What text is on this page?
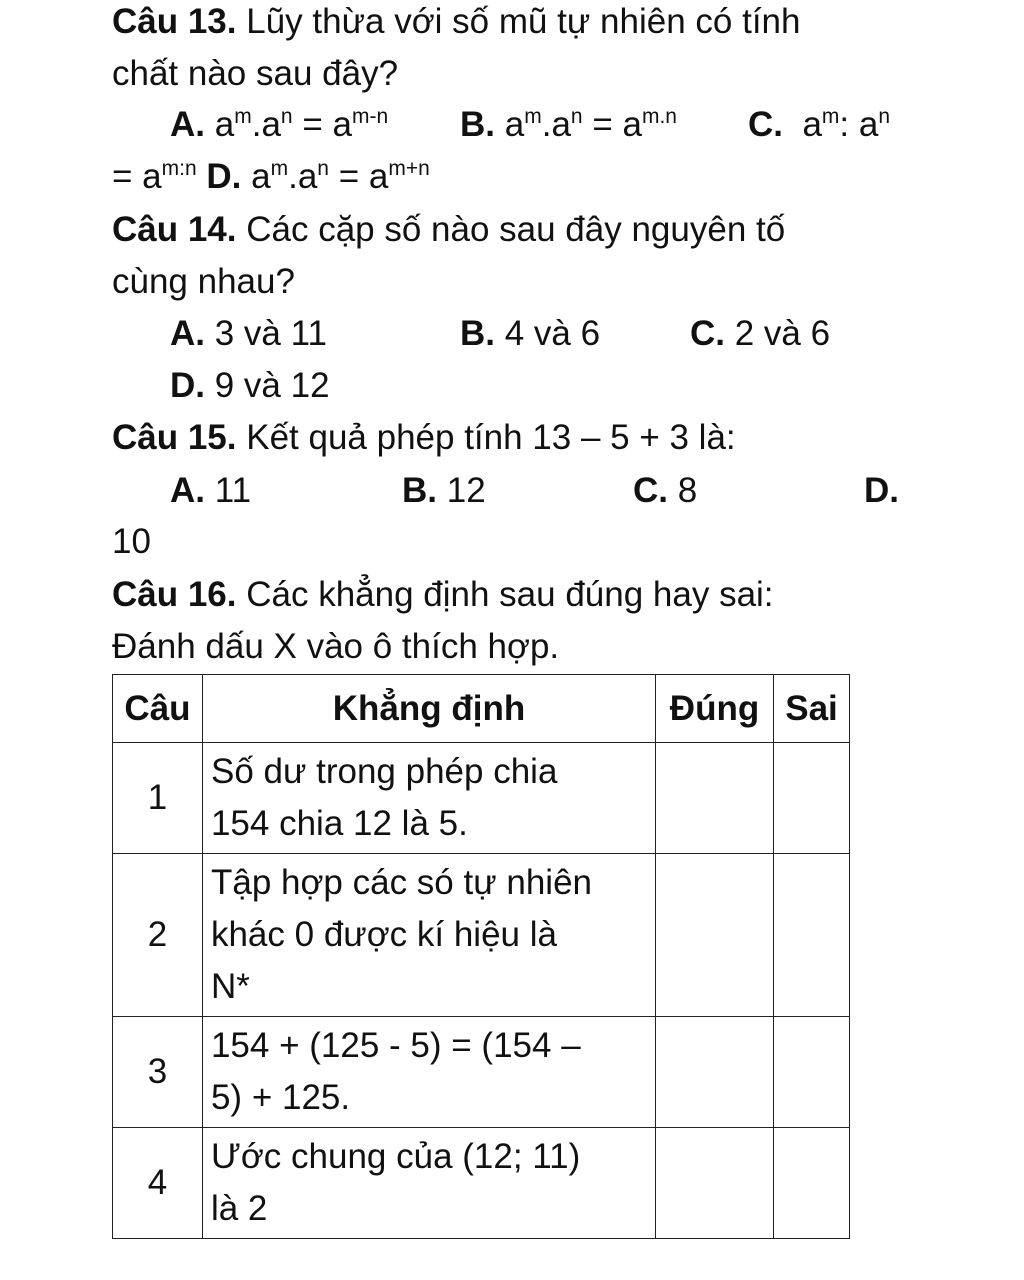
Câu 13. Lũy thừa với số mũ tự nhiên có tính
chất nào sau đây?
A. $a^m.a^n = a^{m-n}$ B. $a^m.a^n = a^{m.n}$ C. $a^m$: $a^n$
= $a^{m:n}$ D. $a^m.a^n = a^{m+n}$
Câu 14. Các cặp số nào sau đây nguyên tố
cùng nhau?
A. 3 và 11	B. 4 và 6	C. 2 và 6
D. 9 và 12
Câu 15. Kết quả phép tính 13 – 5 + 3 là:
A. 11	B. 12	C. 8	D.
10
Câu 16. Các khẳng định sau đúng hay sai:
Đánh dấu X vào ô thích hợp.
Câu	Khẳng định	Đúng	Sai
1	Số dư trong phép chia
154 chia 12 là 5.		

2	Tập hợp các só tự nhiên
khác 0 được kí hiệu là
N*		

3	154 + (125 - 5) = (154 –
5) + 125.		

4	Ước chung của (12; 11)
là 2		
